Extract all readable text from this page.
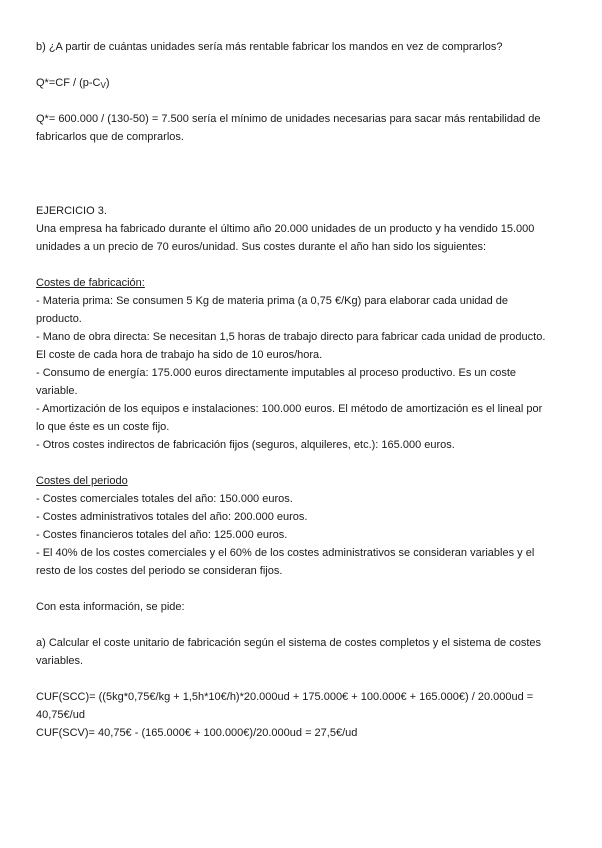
b) ¿A partir de cuántas unidades sería más rentable fabricar los mandos en vez de comprarlos?

$Q*=CF / (p-C_V)$

Q*= 600.000 / (130-50) = 7.500 sería el mínimo de unidades necesarias para sacar más rentabilidad de

fabricarlos que de comprarlos.

EJERCICIO 3.

Una empresa ha fabricado durante el último año 20.000 unidades de un producto y ha vendido 15.000

unidades a un precio de 70 euros/unidad. Sus costes durante el año han sido los siguientes:

Costes de fabricación:

- Materia prima: Se consumen 5 Kg de materia prima (a 0,75 €/Kg) para elaborar cada unidad de

producto.

- Mano de obra directa: Se necesitan 1,5 horas de trabajo directo para fabricar cada unidad de producto.

El coste de cada hora de trabajo ha sido de 10 euros/hora.

- Consumo de energía: 175.000 euros directamente imputables al proceso productivo. Es un coste

variable.

- Amortización de los equipos e instalaciones: 100.000 euros. El método de amortización es el lineal por

lo que éste es un coste fijo.

- Otros costes indirectos de fabricación fijos (seguros, alquileres, etc.): 165.000 euros.

Costes del periodo

- Costes comerciales totales del año: 150.000 euros.

- Costes administrativos totales del año: 200.000 euros.

- Costes financieros totales del año: 125.000 euros.

- El 40% de los costes comerciales y el 60% de los costes administrativos se consideran variables y el

resto de los costes del periodo se consideran fijos.

Con esta información, se pide:

a) Calcular el coste unitario de fabricación según el sistema de costes completos y el sistema de costes

variables.

CUF(SCC)= ((5kg*0,75€/kg + 1,5h*10€/h)*20.000ud + 175.000€ + 100.000€ + 165.000€) / 20.000ud =

40,75€/ud

CUF(SCV)= 40,75€ - (165.000€ + 100.000€)/20.000ud = 27,5€/ud
